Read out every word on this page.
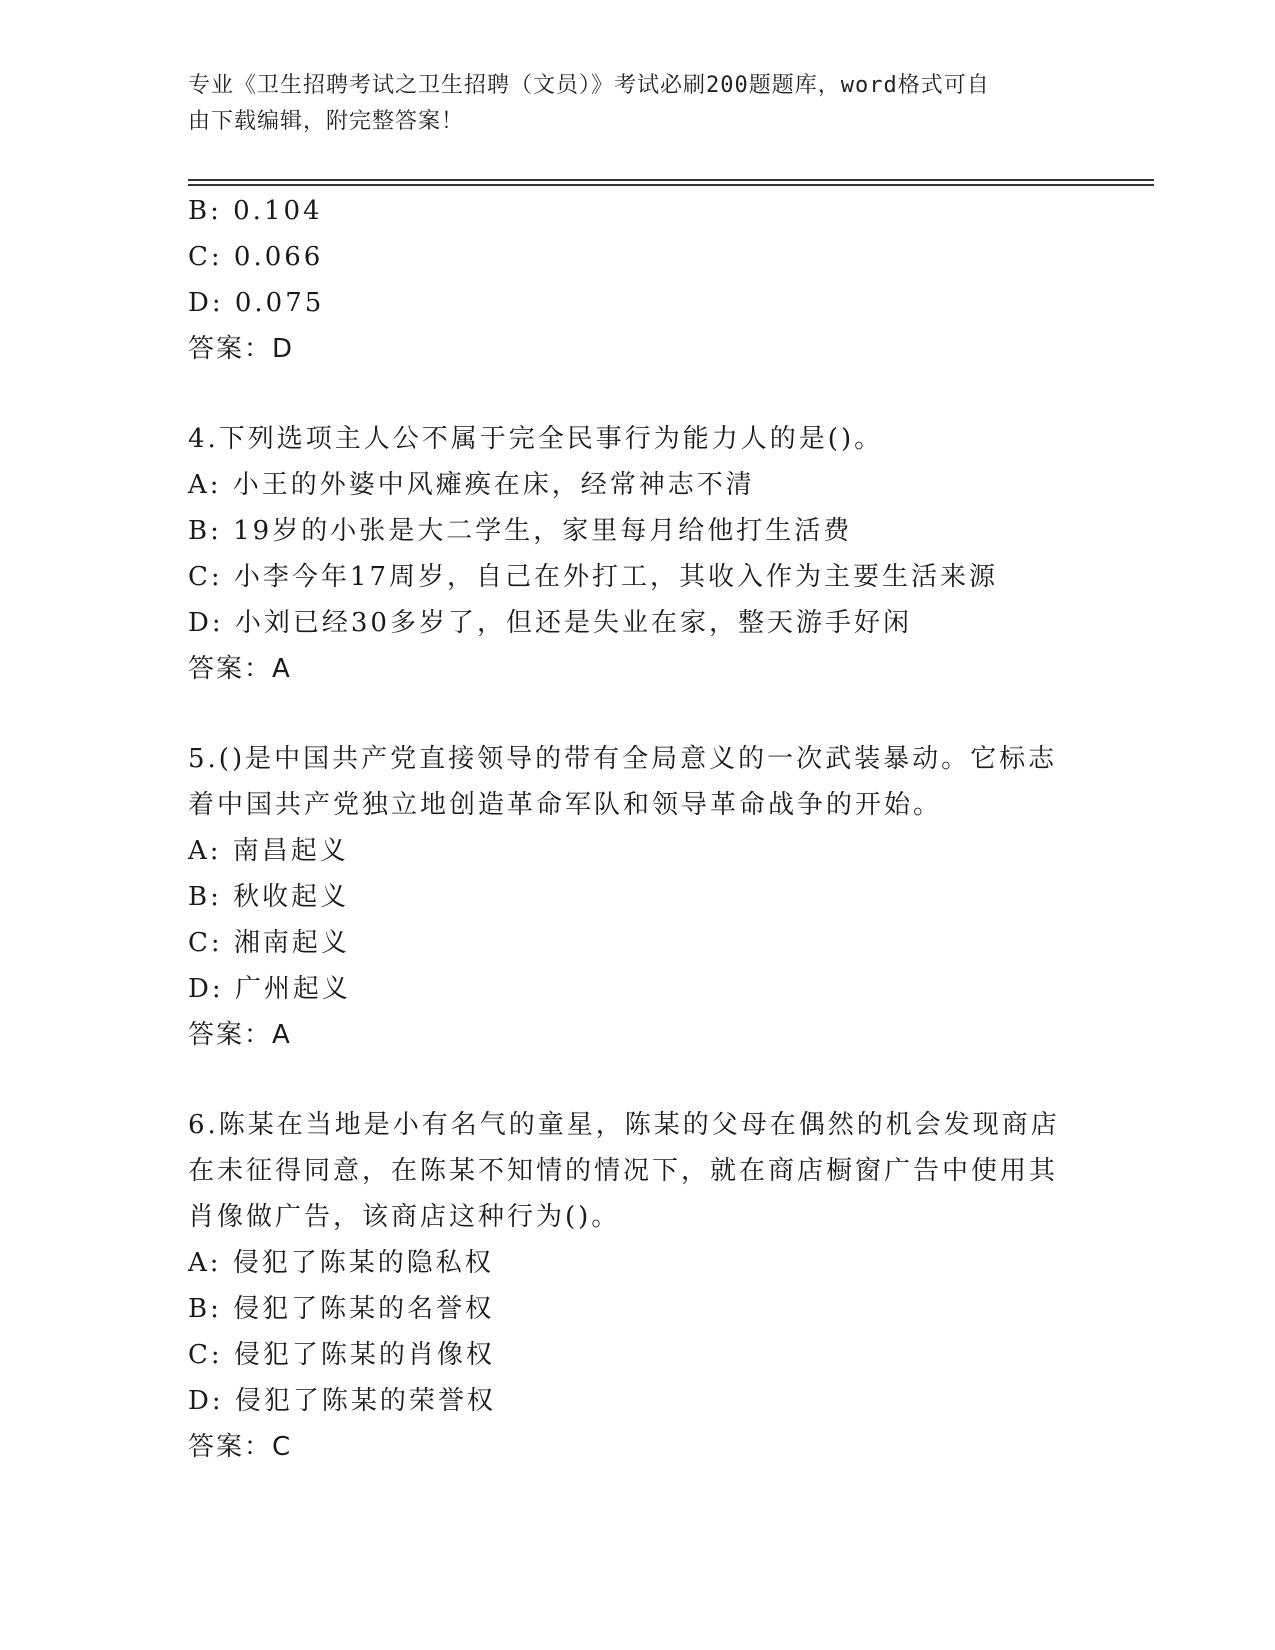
专业《卫生招聘考试之卫生招聘（文员）》考试必刷200题题库，word格式可自
由下载编辑，附完整答案！

B: 0.104

C: 0.066

D: 0.075

答案：D

4.下列选项主人公不属于完全民事行为能力人的是()。

A: 小王的外婆中风瘫痪在床，经常神志不清

B: 19岁的小张是大二学生，家里每月给他打生活费

C: 小李今年17周岁，自己在外打工，其收入作为主要生活来源

D: 小刘已经30多岁了，但还是失业在家，整天游手好闲

答案：A

5.()是中国共产党直接领导的带有全局意义的一次武装暴动。它标志

着中国共产党独立地创造革命军队和领导革命战争的开始。

A: 南昌起义

B: 秋收起义

C: 湘南起义

D: 广州起义

答案：A

6.陈某在当地是小有名气的童星，陈某的父母在偶然的机会发现商店

在未征得同意，在陈某不知情的情况下，就在商店橱窗广告中使用其

肖像做广告，该商店这种行为()。

A: 侵犯了陈某的隐私权

B: 侵犯了陈某的名誉权

C: 侵犯了陈某的肖像权

D: 侵犯了陈某的荣誉权

答案：C
